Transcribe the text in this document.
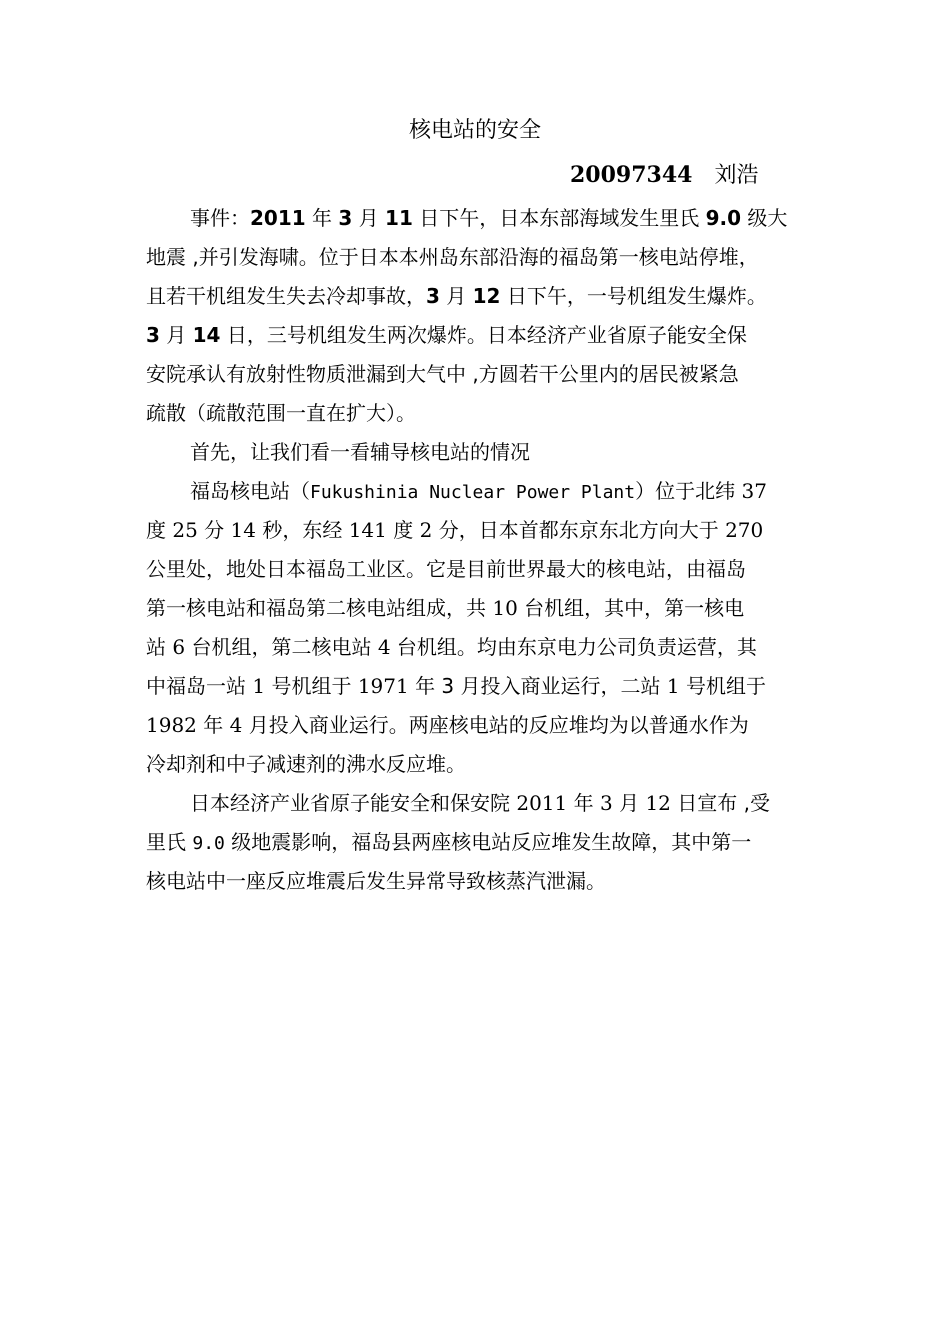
核电站的安全
20097344 刘浩
事件：2011 年 3 月 11 日下午，日本东部海域发生里氏 9.0 级大
地震 ,并引发海啸。位于日本本州岛东部沿海的福岛第一核电站停堆，
且若干机组发生失去冷却事故，3 月 12 日下午，一号机组发生爆炸。
3 月 14 日，三号机组发生两次爆炸。日本经济产业省原子能安全保
安院承认有放射性物质泄漏到大气中 ,方圆若干公里内的居民被紧急
疏散（疏散范围一直在扩大）。
首先，让我们看一看辅导核电站的情况
福岛核电站（Fukushinia Nuclear Power Plant）位于北纬 37
度 25 分 14 秒，东经 141 度 2 分，日本首都东京东北方向大于 270
公里处，地处日本福岛工业区。它是目前世界最大的核电站，由福岛
第一核电站和福岛第二核电站组成，共 10 台机组，其中，第一核电
站 6 台机组，第二核电站 4 台机组。均由东京电力公司负责运营，其
中福岛一站 1 号机组于 1971 年 3 月投入商业运行，二站 1 号机组于
1982 年 4 月投入商业运行。两座核电站的反应堆均为以普通水作为
冷却剂和中子减速剂的沸水反应堆。
日本经济产业省原子能安全和保安院 2011 年 3 月 12 日宣布 ,受
里氏 9.0 级地震影响，福岛县两座核电站反应堆发生故障，其中第一
核电站中一座反应堆震后发生异常导致核蒸汽泄漏。
